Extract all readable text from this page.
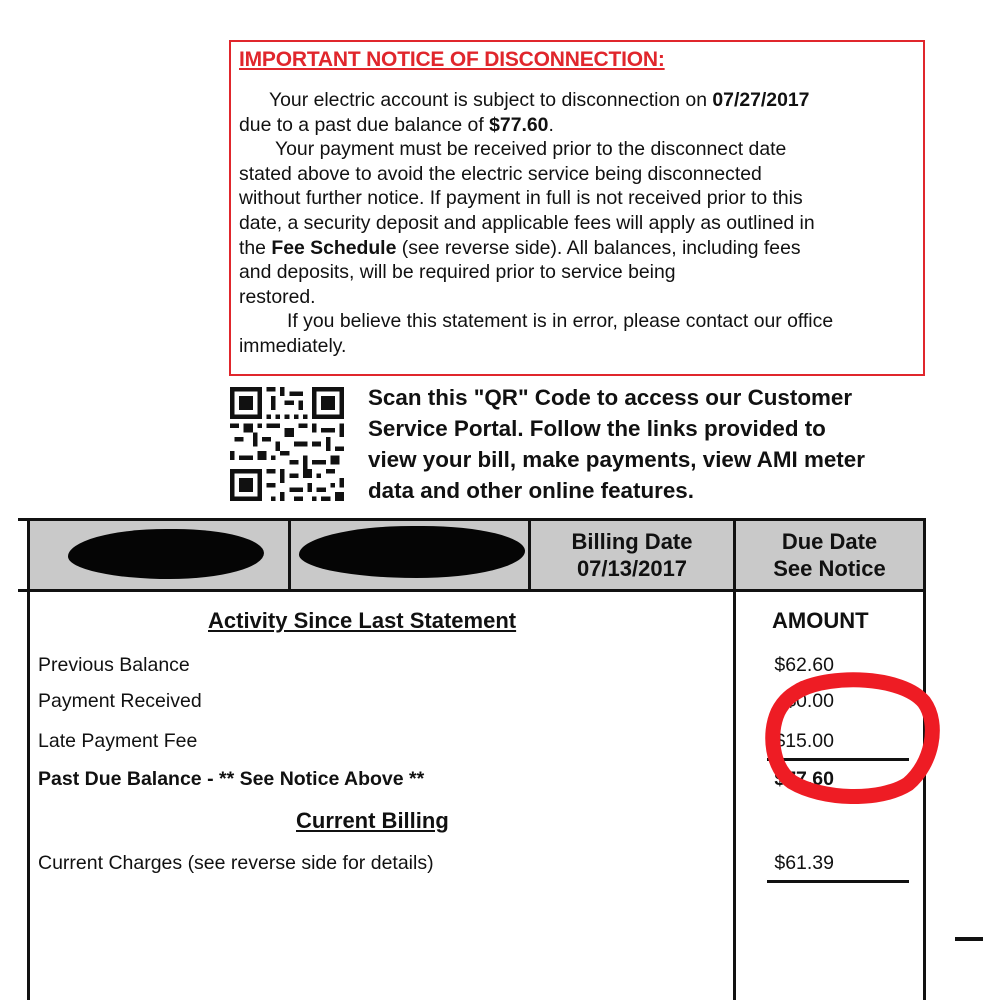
IMPORTANT NOTICE OF DISCONNECTION:
Your electric account is subject to disconnection on 07/27/2017
due to a past due balance of $77.60.
Your payment must be received prior to the disconnect date
stated above to avoid the electric service being disconnected
without further notice. If payment in full is not received prior to this
date, a security deposit and applicable fees will apply as outlined in
the Fee Schedule (see reverse side). All balances, including fees
and deposits, will be required prior to service being
restored.
If you believe this statement is in error, please contact our office
immediately.
Scan this "QR" Code to access our Customer
Service Portal. Follow the links provided to
view your bill, make payments, view AMI meter
data and other online features.
Billing Date
07/13/2017
Due Date
See Notice
Activity Since Last Statement	AMOUNT
Previous Balance	$62.60
Payment Received	$0.00
Late Payment Fee	$15.00
Past Due Balance - ** See Notice Above **	$77.60
Current Billing
Current Charges (see reverse side for details)	$61.39
